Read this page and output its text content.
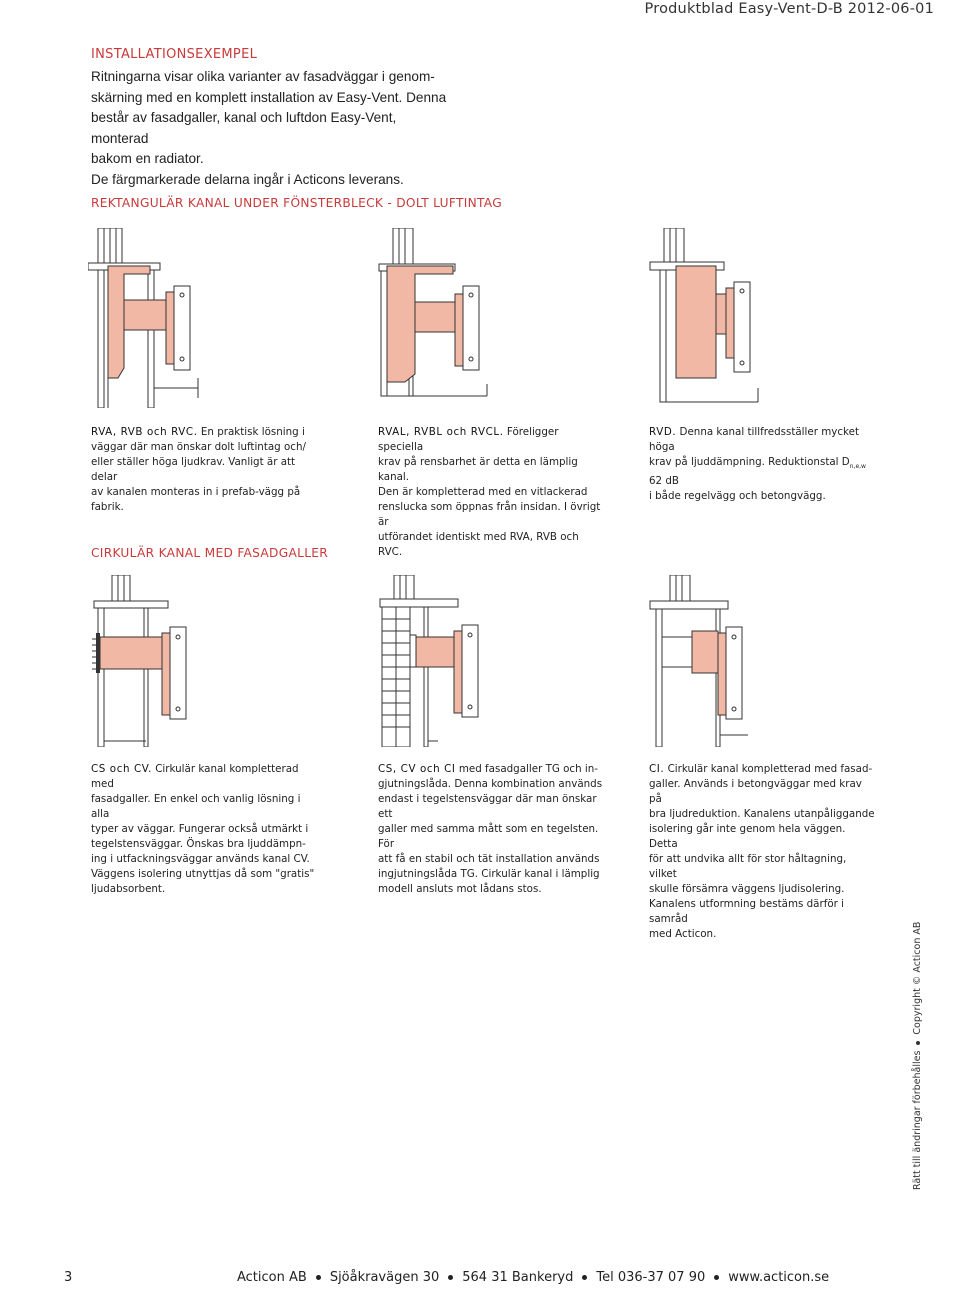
Produktblad Easy-Vent-D-B 2012-06-01
INSTALLATIONSEXEMPEL
Ritningarna visar olika varianter av fasadväggar i genom-
skärning med en komplett installation av Easy-Vent. Denna
består av fasadgaller, kanal och luftdon Easy-Vent, monterad
bakom en radiator.
De färgmarkerade delarna ingår i Acticons leverans.
REKTANGULÄR KANAL UNDER FÖNSTERBLECK - DOLT LUFTINTAG
RVA, RVB och RVC. En praktisk lösning i
väggar där man önskar dolt luftintag och/
eller ställer höga ljudkrav. Vanligt är att delar
av kanalen monteras in i prefab-vägg på fabrik.
RVAL, RVBL och RVCL. Föreligger speciella
krav på rensbarhet är detta en lämplig kanal.
Den är kompletterad med en vitlackerad
renslucka som öppnas från insidan. I övrigt är
utförandet identiskt med RVA, RVB och RVC.
RVD. Denna kanal tillfredsställer mycket höga
krav på ljuddämpning. Reduktionstal $D_{n,e,w}$ 62 dB
i både regelvägg och betongvägg.
CIRKULÄR KANAL MED FASADGALLER
CS och CV. Cirkulär kanal kompletterad med
fasadgaller. En enkel och vanlig lösning i alla
typer av väggar. Fungerar också utmärkt i
tegelstensväggar. Önskas bra ljuddämpn-
ing i utfackningsväggar används kanal CV.
Väggens isolering utnyttjas då som "gratis"
ljudabsorbent.
CS, CV och CI med fasadgaller TG och in-
gjutningslåda. Denna kombination används
endast i tegelstensväggar där man önskar ett
galler med samma mått som en tegelsten. För
att få en stabil och tät installation används
ingjutningslåda TG. Cirkulär kanal i lämplig
modell ansluts mot lådans stos.
CI. Cirkulär kanal kompletterad med fasad-
galler. Används i betongväggar med krav på
bra ljudreduktion. Kanalens utanpåliggande
isolering går inte genom hela väggen. Detta
för att undvika allt för stor håltagning, vilket
skulle försämra väggens ljudisolering.
Kanalens utformning bestäms därför i samråd
med Acticon.
Rätt till ändringar förbehållesCopyright © Acticon AB
3	Acticon AB Sjöåkravägen 30 564 31 Bankeryd Tel 036-37 07 90 www.acticon.se
